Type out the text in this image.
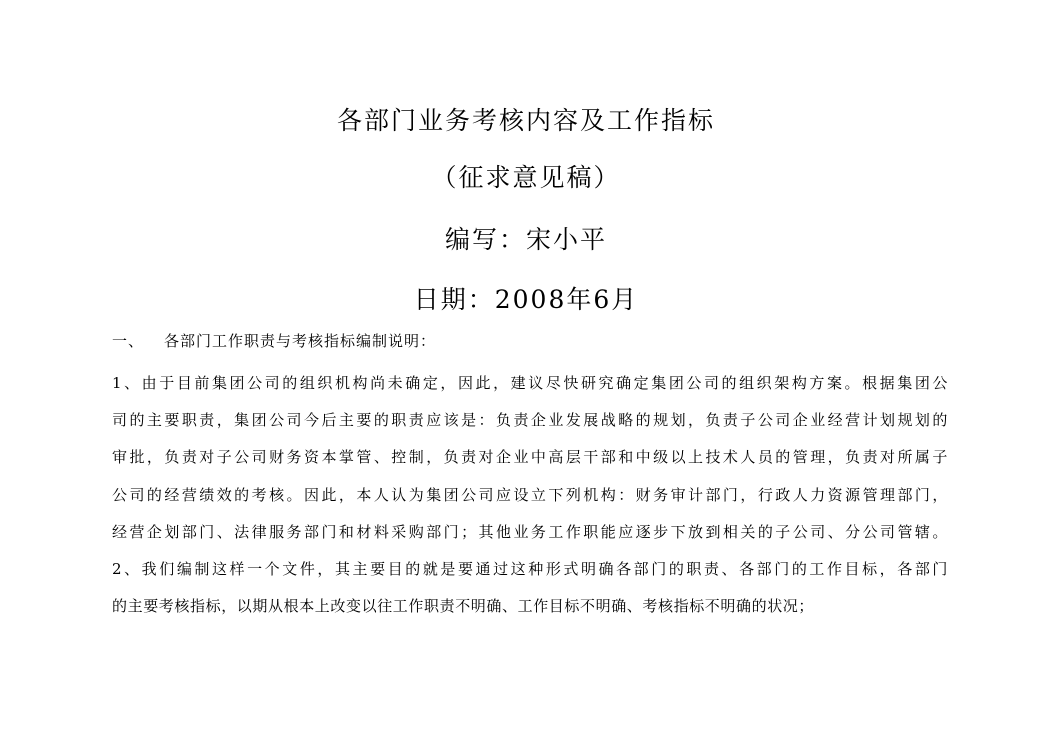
各部门业务考核内容及工作指标
（征求意见稿）
编写：宋小平
日期：2008年6月
一、 各部门工作职责与考核指标编制说明：
1、由于目前集团公司的组织机构尚未确定，因此，建议尽快研究确定集团公司的组织架构方案。根据集团公
司的主要职责，集团公司今后主要的职责应该是：负责企业发展战略的规划，负责子公司企业经营计划规划的
审批，负责对子公司财务资本掌管、控制，负责对企业中高层干部和中级以上技术人员的管理，负责对所属子
公司的经营绩效的考核。因此，本人认为集团公司应设立下列机构：财务审计部门，行政人力资源管理部门，
经营企划部门、法律服务部门和材料采购部门；其他业务工作职能应逐步下放到相关的子公司、分公司管辖。
2、我们编制这样一个文件，其主要目的就是要通过这种形式明确各部门的职责、各部门的工作目标，各部门
的主要考核指标，以期从根本上改变以往工作职责不明确、工作目标不明确、考核指标不明确的状况；
